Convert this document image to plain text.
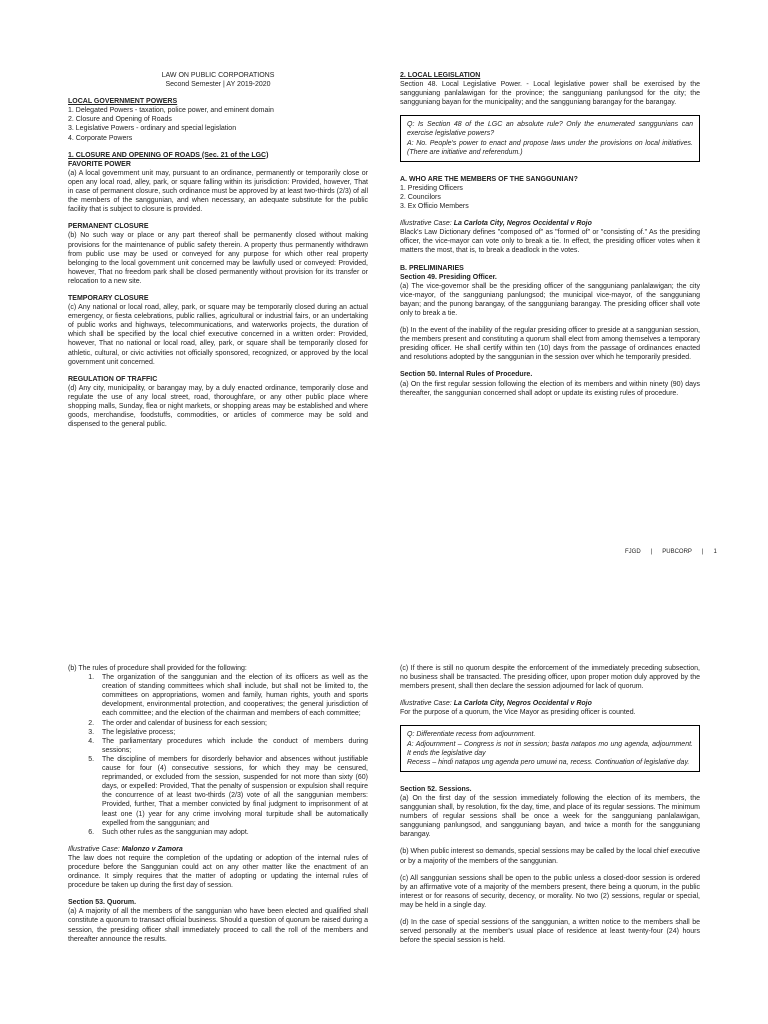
LAW ON PUBLIC CORPORATIONS

Second Semester | AY 2019-2020

LOCAL GOVERNMENT POWERS

1. Delegated Powers - taxation, police power, and eminent domain

2. Closure and Opening of Roads

3. Legislative Powers - ordinary and special legislation

4. Corporate Powers

1. CLOSURE AND OPENING OF ROADS (Sec. 21 of the LGC)

FAVORITE POWER

(a) A local government unit may, pursuant to an ordinance, permanently or temporarily close or open any local road, alley, park, or square falling within its jurisdiction: Provided, however, That in case of permanent closure, such ordinance must be approved by at least two-thirds (2/3) of all the members of the sanggunian, and when necessary, an adequate substitute for the public facility that is subject to closure is provided.

PERMANENT CLOSURE

(b) No such way or place or any part thereof shall be permanently closed without making provisions for the maintenance of public safety therein. A property thus permanently withdrawn from public use may be used or conveyed for any purpose for which other real property belonging to the local government unit concerned may be lawfully used or conveyed: Provided, however, That no freedom park shall be closed permanently without provision for its transfer or relocation to a new site.

TEMPORARY CLOSURE

(c) Any national or local road, alley, park, or square may be temporarily closed during an actual emergency, or fiesta celebrations, public rallies, agricultural or industrial fairs, or an undertaking of public works and highways, telecommunications, and waterworks projects, the duration of which shall be specified by the local chief executive concerned in a written order: Provided, however, That no national or local road, alley, park, or square shall be temporarily closed for athletic, cultural, or civic activities not officially sponsored, recognized, or approved by the local government unit concerned.

REGULATION OF TRAFFIC

(d) Any city, municipality, or barangay may, by a duly enacted ordinance, temporarily close and regulate the use of any local street, road, thoroughfare, or any other public place where shopping malls, Sunday, flea or night markets, or shopping areas may be established and where goods, merchandise, foodstuffs, commodities, or articles of commerce may be sold and dispensed to the general public.

2. LOCAL LEGISLATION

Section 48. Local Legislative Power. - Local legislative power shall be exercised by the sangguniang panlalawigan for the province; the sangguniang panlungsod for the city; the sangguniang bayan for the municipality; and the sangguniang barangay for the barangay.

Q: Is Section 48 of the LGC an absolute rule? Only the enumerated sanggunians can exercise legislative powers?

A: No. People's power to enact and propose laws under the provisions on local initiatives. (There are initiative and referendum.)

A. WHO ARE THE MEMBERS OF THE SANGGUNIAN?

1. Presiding Officers

2. Councilors

3. Ex Officio Members

Illustrative Case: La Carlota City, Negros Occidental v Rojo

Black's Law Dictionary defines "composed of" as "formed of" or "consisting of." As the presiding officer, the vice-mayor can vote only to break a tie. In effect, the presiding officer votes when it matters the most, that is, to break a deadlock in the votes.

B. PRELIMINARIES

Section 49. Presiding Officer.

(a) The vice-governor shall be the presiding officer of the sangguniang panlalawigan; the city vice-mayor, of the sangguniang panlungsod; the municipal vice-mayor, of the sangguniang bayan; and the punong barangay, of the sangguniang barangay. The presiding officer shall vote only to break a tie.

(b) In the event of the inability of the regular presiding officer to preside at a sanggunian session, the members present and constituting a quorum shall elect from among themselves a temporary presiding officer. He shall certify within ten (10) days from the passage of ordinances enacted and resolutions adopted by the sanggunian in the session over which he temporarily presided.

Section 50. Internal Rules of Procedure.

(a) On the first regular session following the election of its members and within ninety (90) days thereafter, the sanggunian concerned shall adopt or update its existing rules of procedure.

FJGD | PUBCORP | 1

(b) The rules of procedure shall provided for the following:

1. The organization of the sanggunian and the election of its officers as well as the creation of standing committees which shall include, but shall not be limited to, the committees on appropriations, women and family, human rights, youth and sports development, environmental protection, and cooperatives; the general jurisdiction of each committee; and the election of the chairman and members of each committee;
2. The order and calendar of business for each session;
3. The legislative process;
4. The parliamentary procedures which include the conduct of members during sessions;
5. The discipline of members for disorderly behavior and absences without justifiable cause for four (4) consecutive sessions, for which they may be censured, reprimanded, or excluded from the session, suspended for not more than sixty (60) days, or expelled: Provided, That the penalty of suspension or expulsion shall require the concurrence of at least two-thirds (2/3) vote of all the sanggunian members: Provided, further, That a member convicted by final judgment to imprisonment of at least one (1) year for any crime involving moral turpitude shall be automatically expelled from the sanggunian; and
6. Such other rules as the sanggunian may adopt.

Illustrative Case: Malonzo v Zamora

The law does not require the completion of the updating or adoption of the internal rules of procedure before the Sanggunian could act on any other matter like the enactment of an ordinance. It simply requires that the matter of adopting or updating the internal rules of procedure be taken up during the first day of session.

Section 53. Quorum.

(a) A majority of all the members of the sanggunian who have been elected and qualified shall constitute a quorum to transact official business. Should a question of quorum be raised during a session, the presiding officer shall immediately proceed to call the roll of the members and thereafter announce the results.

(c) If there is still no quorum despite the enforcement of the immediately preceding subsection, no business shall be transacted. The presiding officer, upon proper motion duly approved by the members present, shall then declare the session adjourned for lack of quorum.

Illustrative Case: La Carlota City, Negros Occidental v Rojo

For the purpose of a quorum, the Vice Mayor as presiding officer is counted.

Q: Differentiate recess from adjournment.

A: Adjournment – Congress is not in session; basta natapos mo ung agenda, adjournment. It ends the legislative day

Recess – hindi natapos ung agenda pero umuwi na, recess. Continuation of legislative day.

Section 52. Sessions.

(a) On the first day of the session immediately following the election of its members, the sanggunian shall, by resolution, fix the day, time, and place of its regular sessions. The minimum numbers of regular sessions shall be once a week for the sangguniang panlalawigan, sangguniang panlungsod, and sangguniang bayan, and twice a month for the sangguniang barangay.

(b) When public interest so demands, special sessions may be called by the local chief executive or by a majority of the members of the sanggunian.

(c) All sanggunian sessions shall be open to the public unless a closed-door session is ordered by an affirmative vote of a majority of the members present, there being a quorum, in the public interest or for reasons of security, decency, or morality. No two (2) sessions, regular or special, may be held in a single day.

(d) In the case of special sessions of the sanggunian, a written notice to the members shall be served personally at the member's usual place of residence at least twenty-four (24) hours before the special session is held.
